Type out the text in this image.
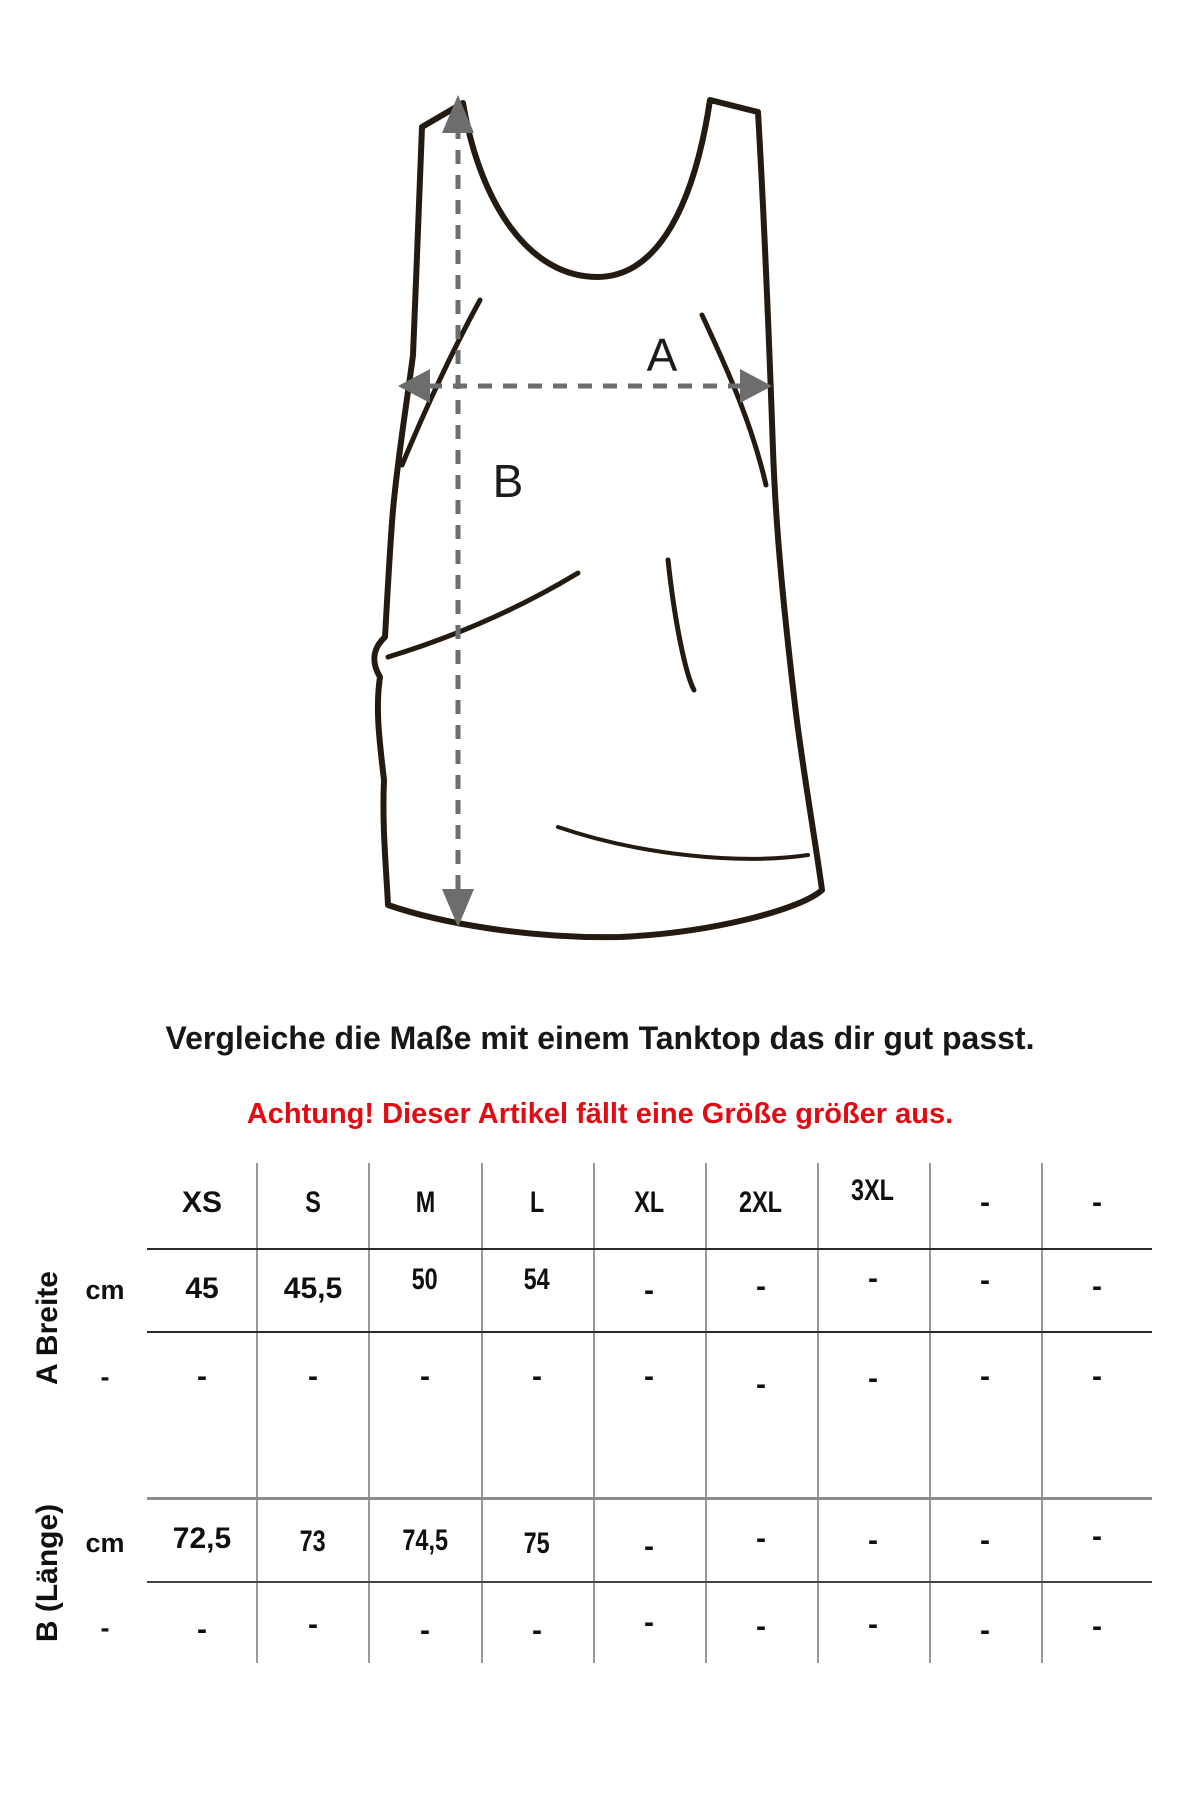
A
B
Vergleiche die Maße mit einem Tanktop das dir gut passt.
Achtung! Dieser Artikel fällt eine Größe größer aus.
XS	S	M	L	XL	2XL	3XL	-	-
A Breite cm	45	45,5	50	54	-	-	-	-	-
-	-	-	-	-	-	-	-	-	-
B (Länge) cm	72,5	73	74,5	75	-	-	-	-	-
-	-	-	-	-	-	-	-	-	-
